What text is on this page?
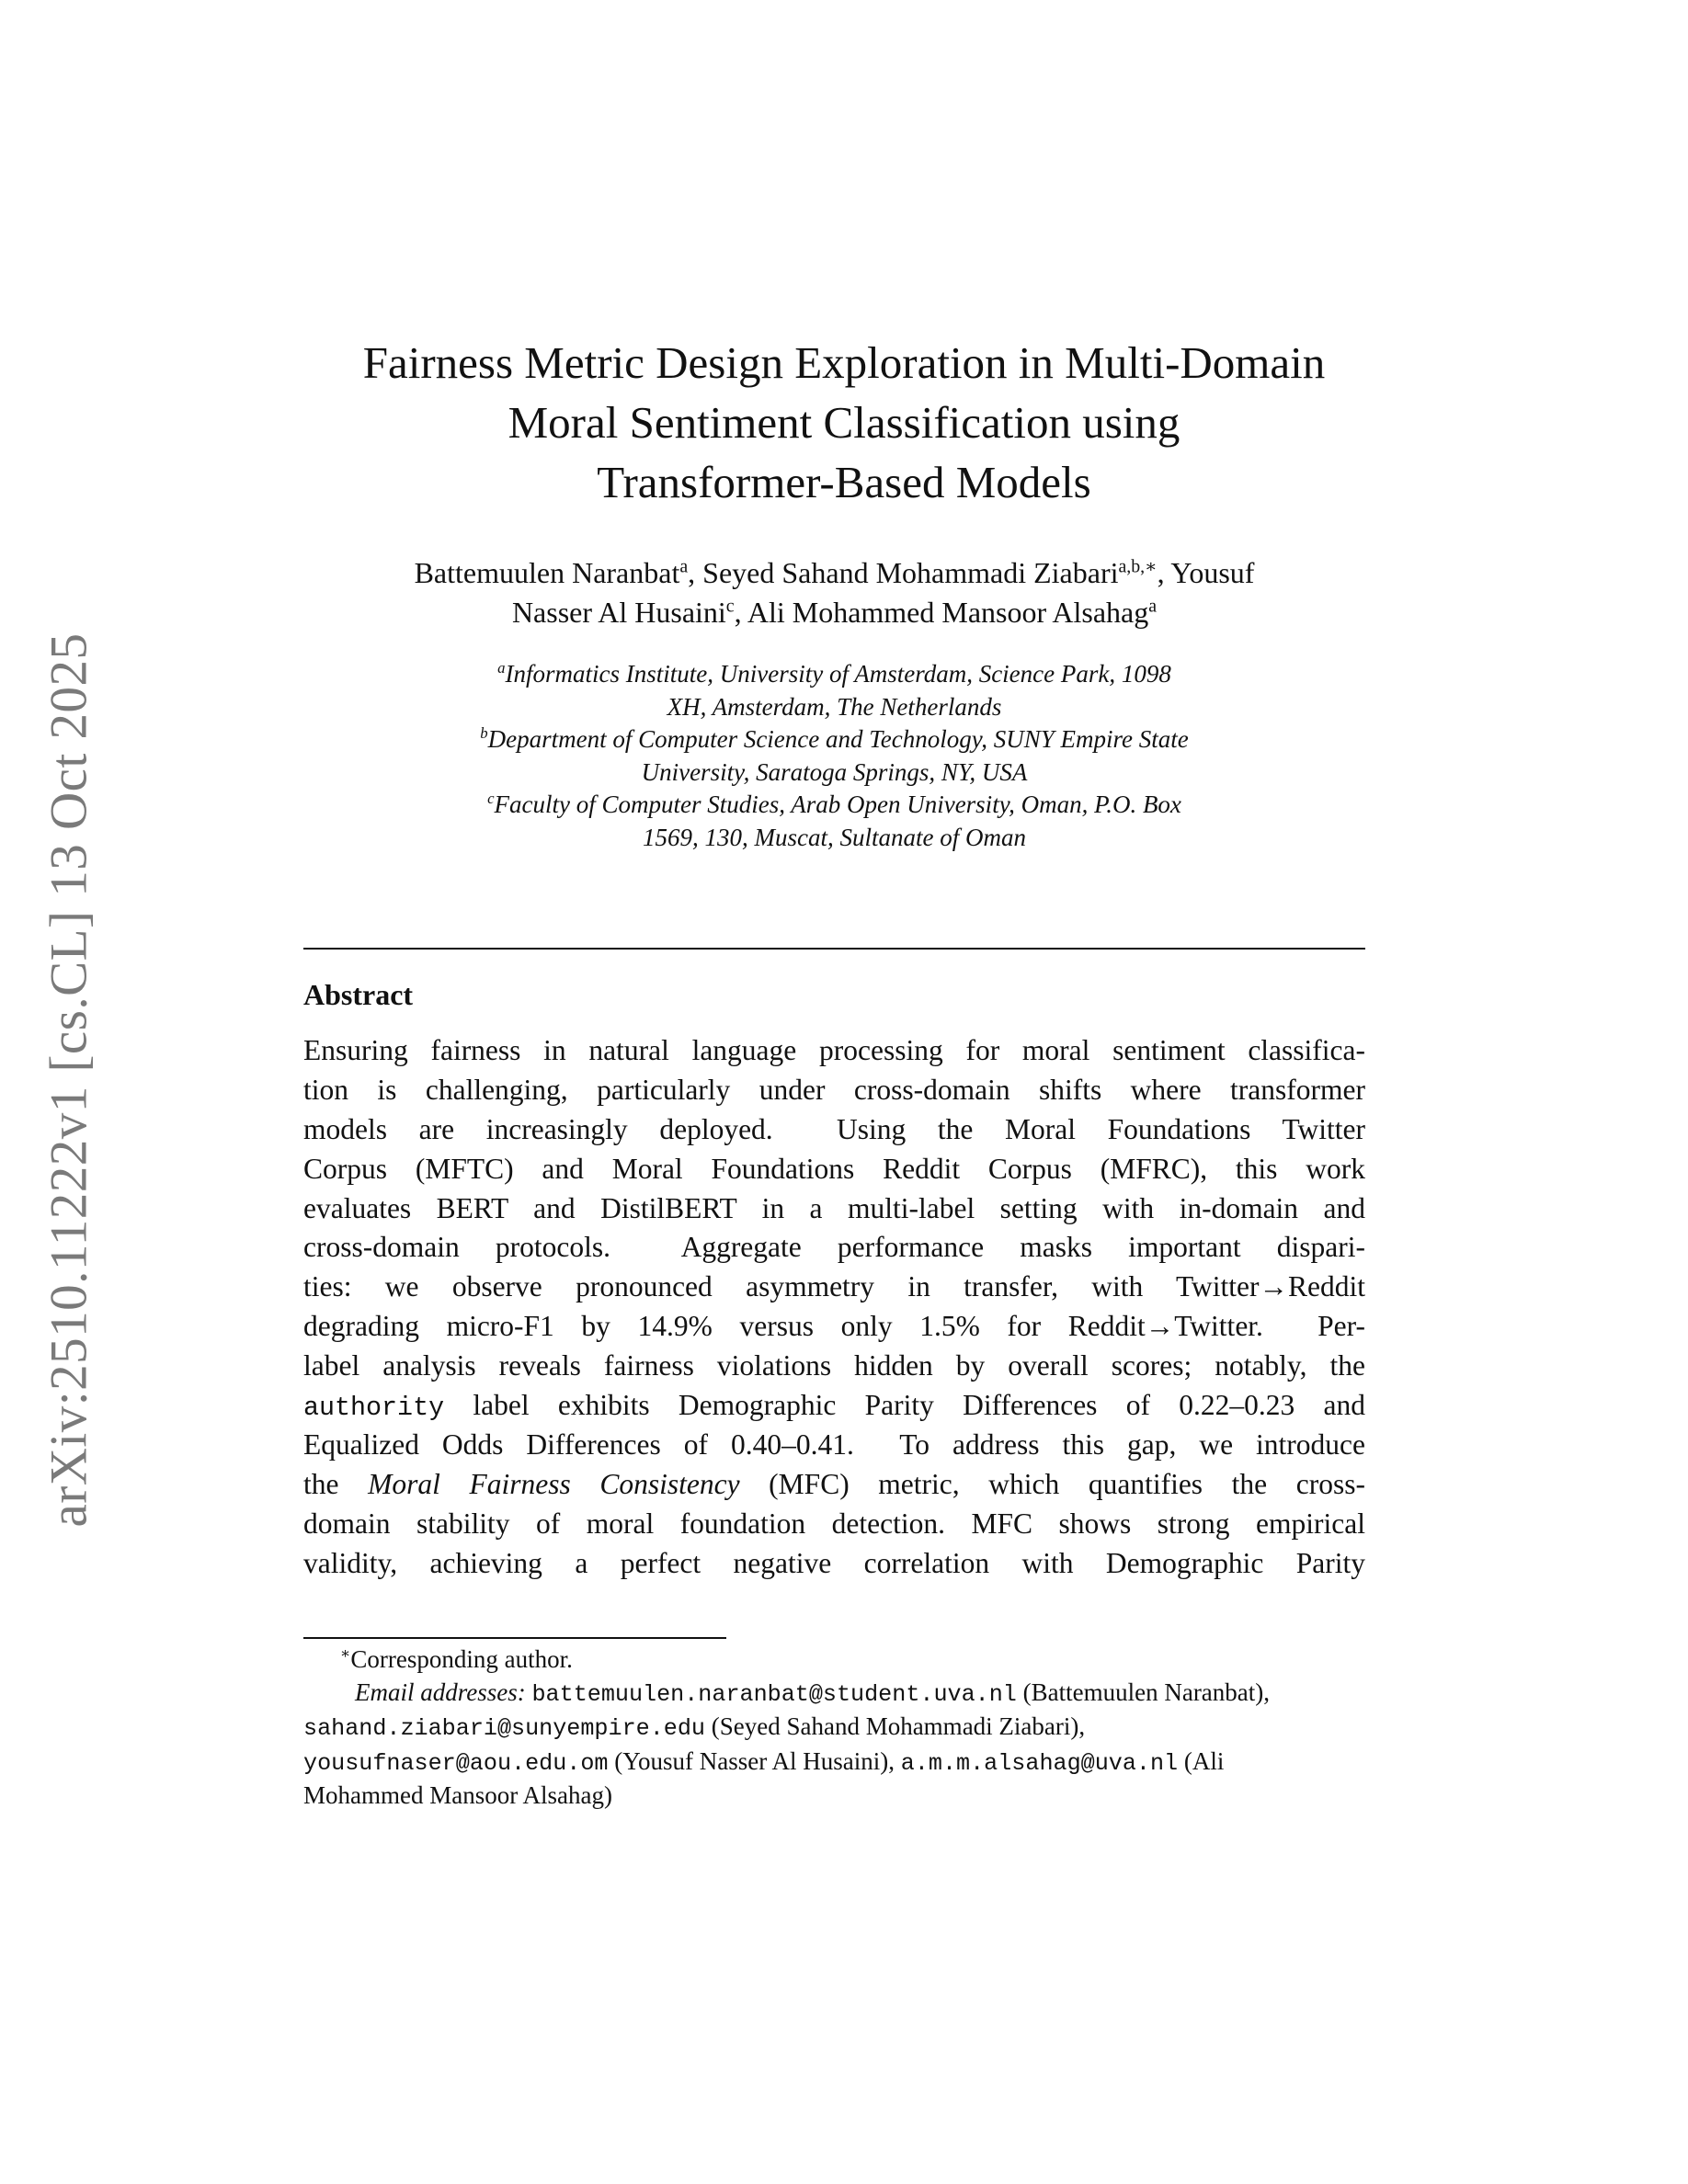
arXiv:2510.11222v1 [cs.CL] 13 Oct 2025
Fairness Metric Design Exploration in Multi-Domain
Moral Sentiment Classification using
Transformer-Based Models
Battemuulen Naranbat$^a$, Seyed Sahand Mohammadi Ziabari$^{a,b,∗}$, Yousuf
Nasser Al Husaini$^c$, Ali Mohammed Mansoor Alsahag$^a$
$^a$Informatics Institute, University of Amsterdam, Science Park, 1098
XH, Amsterdam, The Netherlands
$^b$Department of Computer Science and Technology, SUNY Empire State
University, Saratoga Springs, NY, USA
$^c$Faculty of Computer Studies, Arab Open University, Oman, P.O. Box
1569, 130, Muscat, Sultanate of Oman
Abstract
Ensuring fairness in natural language processing for moral sentiment classifica-
tion is challenging, particularly under cross-domain shifts where transformer
models are increasingly deployed.  Using the Moral Foundations Twitter
Corpus (MFTC) and Moral Foundations Reddit Corpus (MFRC), this work
evaluates BERT and DistilBERT in a multi-label setting with in-domain and
cross-domain protocols.  Aggregate performance masks important dispari-
ties: we observe pronounced asymmetry in transfer, with Twitter→Reddit
degrading micro-F1 by 14.9% versus only 1.5% for Reddit→Twitter.  Per-
label analysis reveals fairness violations hidden by overall scores; notably, the
authority label exhibits Demographic Parity Differences of 0.22–0.23 and
Equalized Odds Differences of 0.40–0.41.  To address this gap, we introduce
the Moral Fairness Consistency (MFC) metric, which quantifies the cross-
domain stability of moral foundation detection. MFC shows strong empirical
validity, achieving a perfect negative correlation with Demographic Parity
∗Corresponding author.
Email addresses: battemuulen.naranbat@student.uva.nl (Battemuulen Naranbat),
sahand.ziabari@sunyempire.edu (Seyed Sahand Mohammadi Ziabari),
yousufnaser@aou.edu.om (Yousuf Nasser Al Husaini), a.m.m.alsahag@uva.nl (Ali
Mohammed Mansoor Alsahag)
